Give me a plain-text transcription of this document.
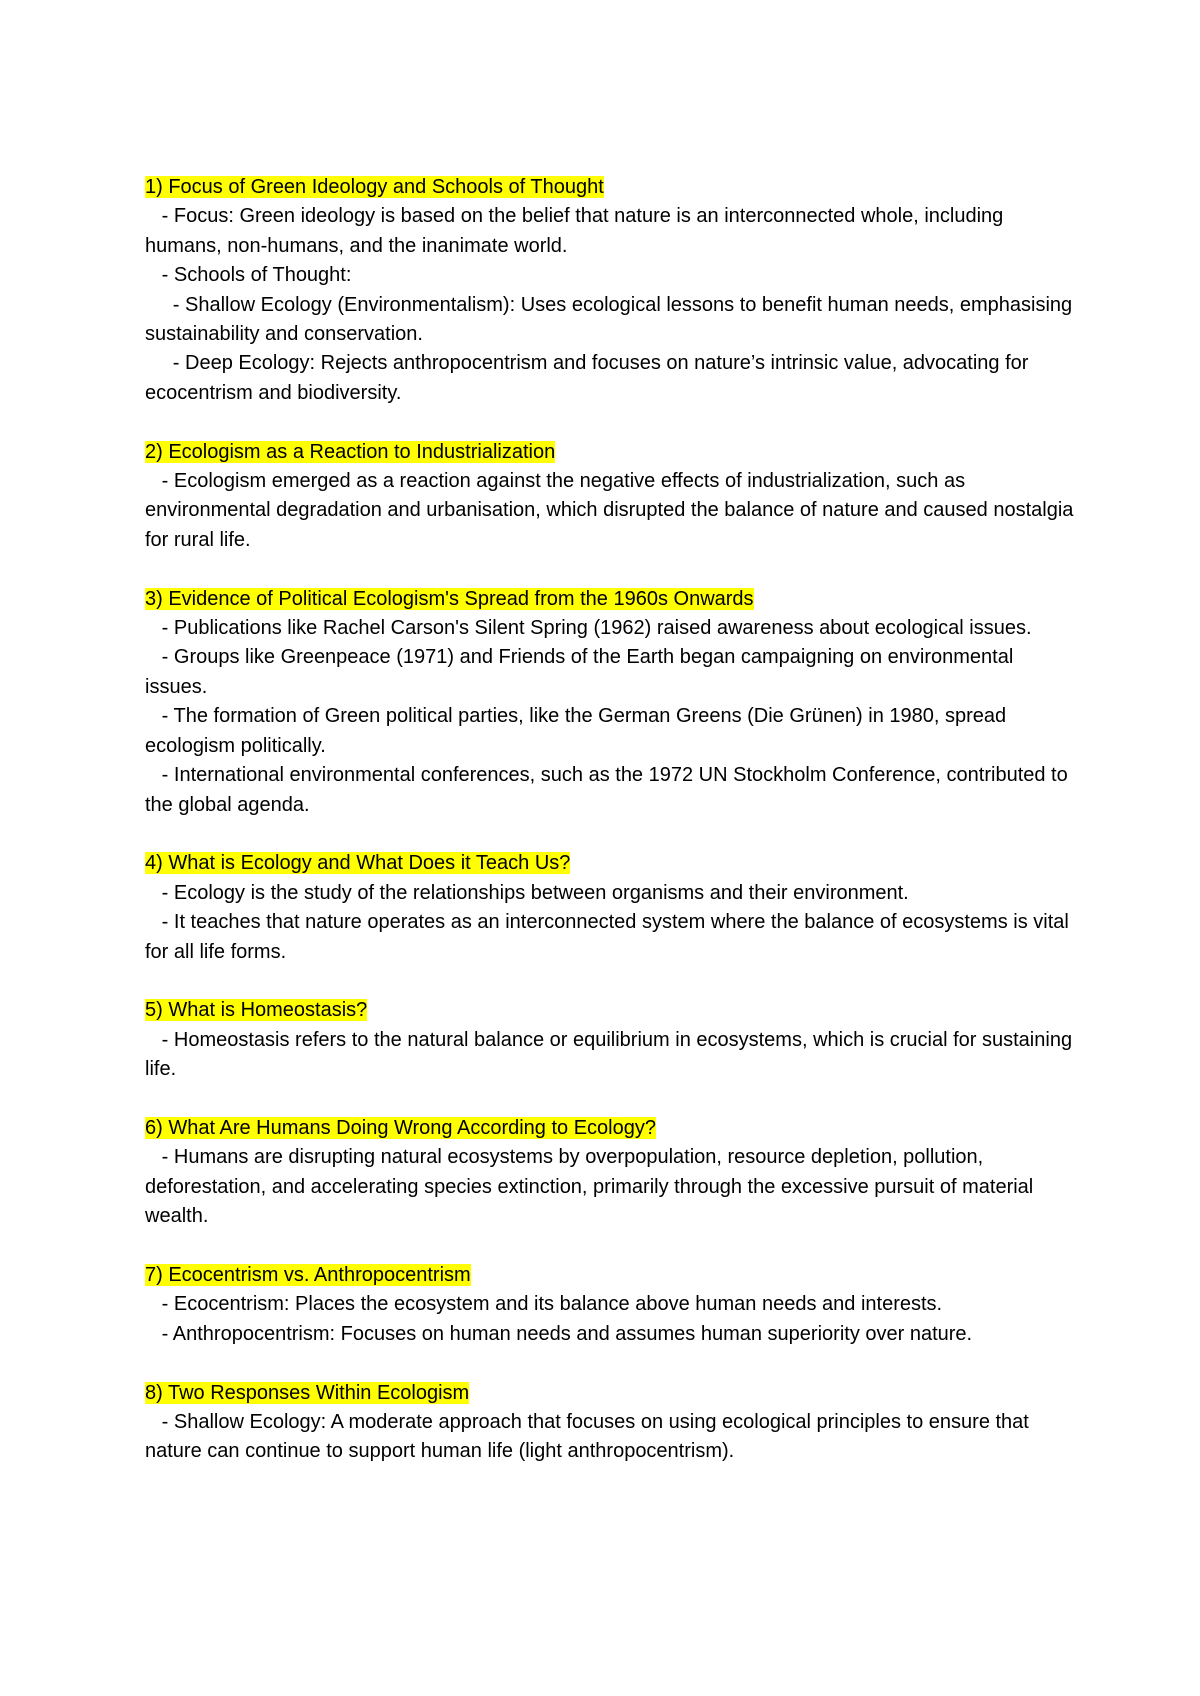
1) Focus of Green Ideology and Schools of Thought

- Focus: Green ideology is based on the belief that nature is an interconnected whole, including humans, non-humans, and the inanimate world.

- Schools of Thought:

- Shallow Ecology (Environmentalism): Uses ecological lessons to benefit human needs, emphasising sustainability and conservation.

- Deep Ecology: Rejects anthropocentrism and focuses on nature’s intrinsic value, advocating for ecocentrism and biodiversity.

2) Ecologism as a Reaction to Industrialization

- Ecologism emerged as a reaction against the negative effects of industrialization, such as environmental degradation and urbanisation, which disrupted the balance of nature and caused nostalgia for rural life.

3) Evidence of Political Ecologism's Spread from the 1960s Onwards

- Publications like Rachel Carson's Silent Spring (1962) raised awareness about ecological issues.

- Groups like Greenpeace (1971) and Friends of the Earth began campaigning on environmental issues.

- The formation of Green political parties, like the German Greens (Die Grünen) in 1980, spread ecologism politically.

- International environmental conferences, such as the 1972 UN Stockholm Conference, contributed to the global agenda.

4) What is Ecology and What Does it Teach Us?

- Ecology is the study of the relationships between organisms and their environment.

- It teaches that nature operates as an interconnected system where the balance of ecosystems is vital for all life forms.

5) What is Homeostasis?

- Homeostasis refers to the natural balance or equilibrium in ecosystems, which is crucial for sustaining life.

6) What Are Humans Doing Wrong According to Ecology?

- Humans are disrupting natural ecosystems by overpopulation, resource depletion, pollution, deforestation, and accelerating species extinction, primarily through the excessive pursuit of material wealth.

7) Ecocentrism vs. Anthropocentrism

- Ecocentrism: Places the ecosystem and its balance above human needs and interests.

- Anthropocentrism: Focuses on human needs and assumes human superiority over nature.

8) Two Responses Within Ecologism

- Shallow Ecology: A moderate approach that focuses on using ecological principles to ensure that nature can continue to support human life (light anthropocentrism).
